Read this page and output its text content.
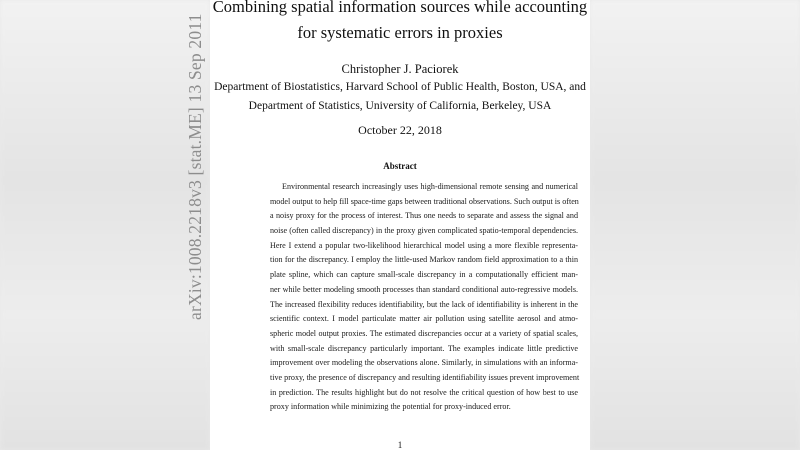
arXiv:1008.2218v3 [stat.ME] 13 Sep 2011
Combining spatial information sources while accounting
for systematic errors in proxies
Christopher J. Paciorek
Department of Biostatistics, Harvard School of Public Health, Boston, USA, and
Department of Statistics, University of California, Berkeley, USA
October 22, 2018
Abstract
Environmental research increasingly uses high-dimensional remote sensing and numerical
model output to help fill space-time gaps between traditional observations. Such output is often
a noisy proxy for the process of interest. Thus one needs to separate and assess the signal and
noise (often called discrepancy) in the proxy given complicated spatio-temporal dependencies.
Here I extend a popular two-likelihood hierarchical model using a more flexible representa-
tion for the discrepancy. I employ the little-used Markov random field approximation to a thin
plate spline, which can capture small-scale discrepancy in a computationally efficient man-
ner while better modeling smooth processes than standard conditional auto-regressive models.
The increased flexibility reduces identifiability, but the lack of identifiability is inherent in the
scientific context. I model particulate matter air pollution using satellite aerosol and atmo-
spheric model output proxies. The estimated discrepancies occur at a variety of spatial scales,
with small-scale discrepancy particularly important. The examples indicate little predictive
improvement over modeling the observations alone. Similarly, in simulations with an informa-
tive proxy, the presence of discrepancy and resulting identifiability issues prevent improvement
in prediction. The results highlight but do not resolve the critical question of how best to use
proxy information while minimizing the potential for proxy-induced error.
1
